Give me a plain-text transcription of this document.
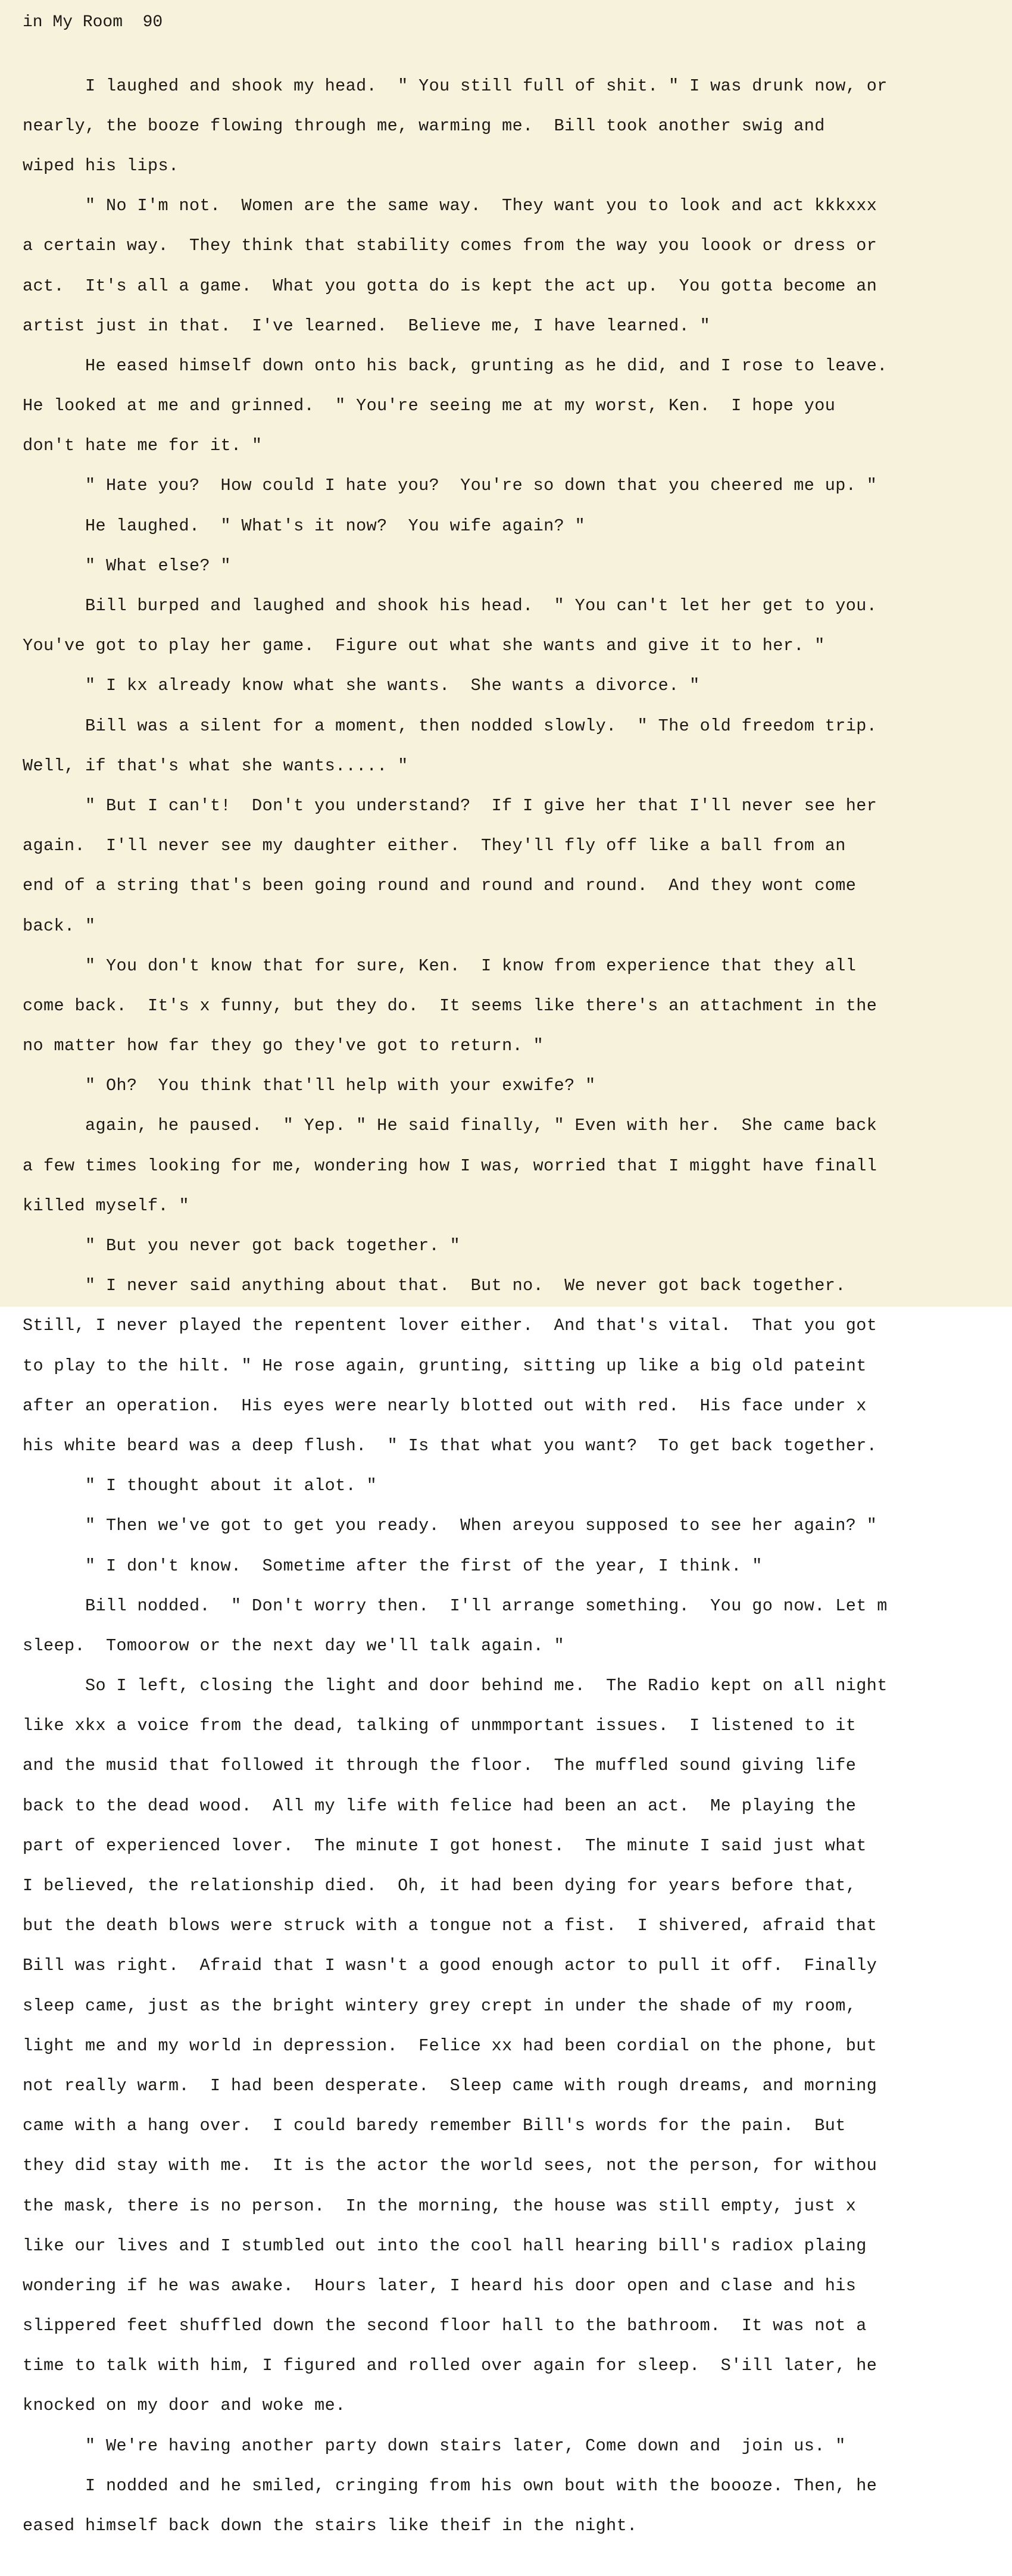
in My Room  90

I laughed and shook my head.  " You still full of shit. " I was drunk now, or

nearly, the booze flowing through me, warming me.  Bill took another swig and

wiped his lips.

" No I'm not.  Women are the same way.  They want you to look and act kkkxxx

a certain way.  They think that stability comes from the way you loook or dress or

act.  It's all a game.  What you gotta do is kept the act up.  You gotta become an

artist just in that.  I've learned.  Believe me, I have learned. "

He eased himself down onto his back, grunting as he did, and I rose to leave.

He looked at me and grinned.  " You're seeing me at my worst, Ken.  I hope you

don't hate me for it. "

" Hate you?  How could I hate you?  You're so down that you cheered me up. "

He laughed.  " What's it now?  You wife again? "

" What else? "

Bill burped and laughed and shook his head.  " You can't let her get to you.

You've got to play her game.  Figure out what she wants and give it to her. "

" I kx already know what she wants.  She wants a divorce. "

Bill was a silent for a moment, then nodded slowly.  " The old freedom trip.

Well, if that's what she wants..... "

" But I can't!  Don't you understand?  If I give her that I'll never see her

again.  I'll never see my daughter either.  They'll fly off like a ball from an

end of a string that's been going round and round and round.  And they wont come

back. "

" You don't know that for sure, Ken.  I know from experience that they all

come back.  It's x funny, but they do.  It seems like there's an attachment in the

no matter how far they go they've got to return. "

" Oh?  You think that'll help with your exwife? "

again, he paused.  " Yep. " He said finally, " Even with her.  She came back

a few times looking for me, wondering how I was, worried that I migght have finall

killed myself. "

" But you never got back together. "

" I never said anything about that.  But no.  We never got back together.

Still, I never played the repentent lover either.  And that's vital.  That you got

to play to the hilt. " He rose again, grunting, sitting up like a big old pateint

after an operation.  His eyes were nearly blotted out with red.  His face under x

his white beard was a deep flush.  " Is that what you want?  To get back together.

" I thought about it alot. "

" Then we've got to get you ready.  When areyou supposed to see her again? "

" I don't know.  Sometime after the first of the year, I think. "

Bill nodded.  " Don't worry then.  I'll arrange something.  You go now. Let m

sleep.  Tomoorow or the next day we'll talk again. "

So I left, closing the light and door behind me.  The Radio kept on all night

like xkx a voice from the dead, talking of unmmportant issues.  I listened to it

and the musid that followed it through the floor.  The muffled sound giving life

back to the dead wood.  All my life with felice had been an act.  Me playing the

part of experienced lover.  The minute I got honest.  The minute I said just what

I believed, the relationship died.  Oh, it had been dying for years before that,

but the death blows were struck with a tongue not a fist.  I shivered, afraid that

Bill was right.  Afraid that I wasn't a good enough actor to pull it off.  Finally

sleep came, just as the bright wintery grey crept in under the shade of my room,

light me and my world in depression.  Felice xx had been cordial on the phone, but

not really warm.  I had been desperate.  Sleep came with rough dreams, and morning

came with a hang over.  I could baredy remember Bill's words for the pain.  But

they did stay with me.  It is the actor the world sees, not the person, for withou

the mask, there is no person.  In the morning, the house was still empty, just x

like our lives and I stumbled out into the cool hall hearing bill's radiox plaing

wondering if he was awake.  Hours later, I heard his door open and clase and his

slippered feet shuffled down the second floor hall to the bathroom.  It was not a

time to talk with him, I figured and rolled over again for sleep.  S'ill later, he

knocked on my door and woke me.

" We're having another party down stairs later, Come down and  join us. "

I nodded and he smiled, cringing from his own bout with the boooze. Then, he

eased himself back down the stairs like theif in the night.
